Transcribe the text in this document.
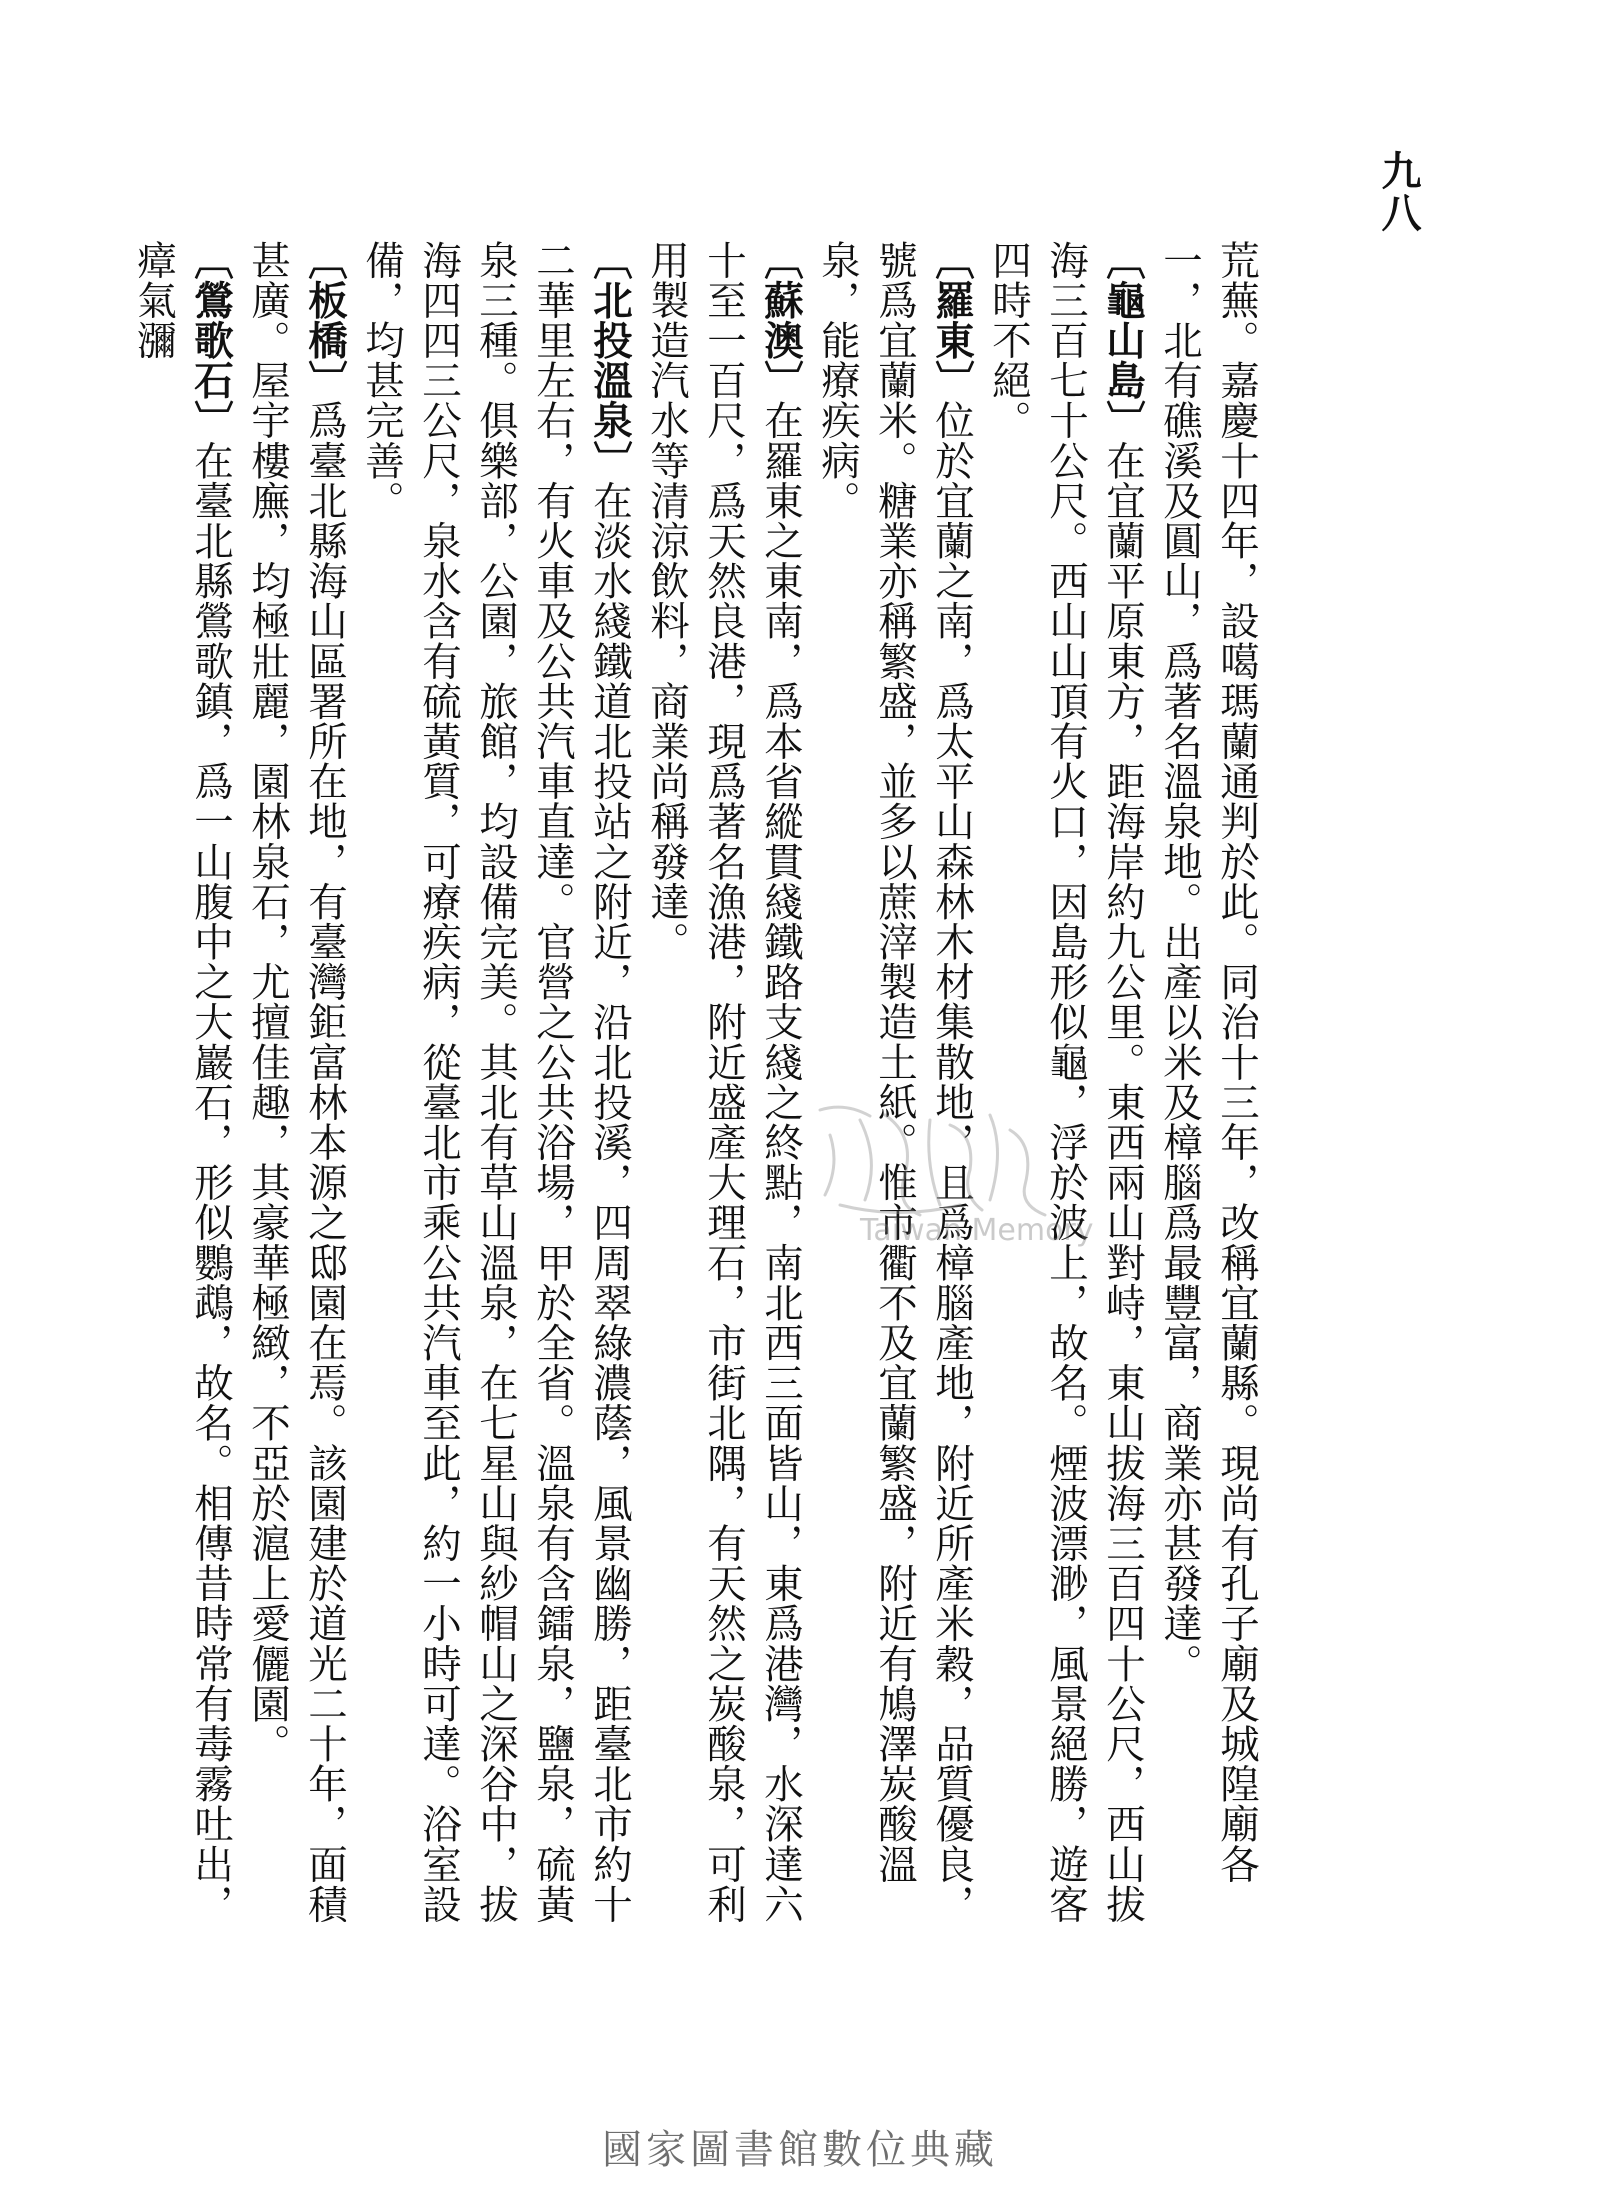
九八

荒蕪。嘉慶十四年，設噶瑪蘭通判於此。同治十三年，改稱宜蘭縣。現尚有孔子廟及城隍廟各一，北有礁溪及圓山，爲著名溫泉地。出產以米及樟腦爲最豐富，商業亦甚發達。

〔龜山島〕在宜蘭平原東方，距海岸約九公里。東西兩山對峙，東山拔海三百四十公尺，西山拔海三百七十公尺。西山山頂有火口，因島形似龜，浮於波上，故名。煙波漂渺，風景絕勝，遊客四時不絕。

〔羅東〕位於宜蘭之南，爲太平山森林木材集散地，且爲樟腦產地，附近所產米穀，品質優良，號爲宜蘭米。糖業亦稱繁盛，並多以蔗滓製造土紙。惟市衢不及宜蘭繁盛，附近有鳩澤炭酸溫泉，能療疾病。

〔蘇澳〕在羅東之東南，爲本省縱貫綫鐵路支綫之終點，南北西三面皆山，東爲港灣，水深達六十至一百尺，爲天然良港，現爲著名漁港，附近盛產大理石，市街北隅，有天然之炭酸泉，可利用製造汽水等清涼飲料，商業尚稱發達。

〔北投溫泉〕在淡水綫鐵道北投站之附近，沿北投溪，四周翠綠濃蔭，風景幽勝，距臺北市約十二華里左右，有火車及公共汽車直達。官營之公共浴場，甲於全省。溫泉有含鐳泉，鹽泉，硫黃泉三種。俱樂部，公園，旅館，均設備完美。其北有草山溫泉，在七星山與紗帽山之深谷中，拔海四四三公尺，泉水含有硫黃質，可療疾病，從臺北市乘公共汽車至此，約一小時可達。浴室設備，均甚完善。

〔板橋〕爲臺北縣海山區署所在地，有臺灣鉅富林本源之邸園在焉。該園建於道光二十年，面積甚廣。屋宇樓廡，均極壯麗，園林泉石，尤擅佳趣，其豪華極緻，不亞於滬上愛儷園。

〔鶯歌石〕在臺北縣鶯歌鎮，爲一山腹中之大巖石，形似鸚鵡，故名。相傳昔時常有毒霧吐出，瘴氣瀰

Taiwan Memory
國家圖書館數位典藏
